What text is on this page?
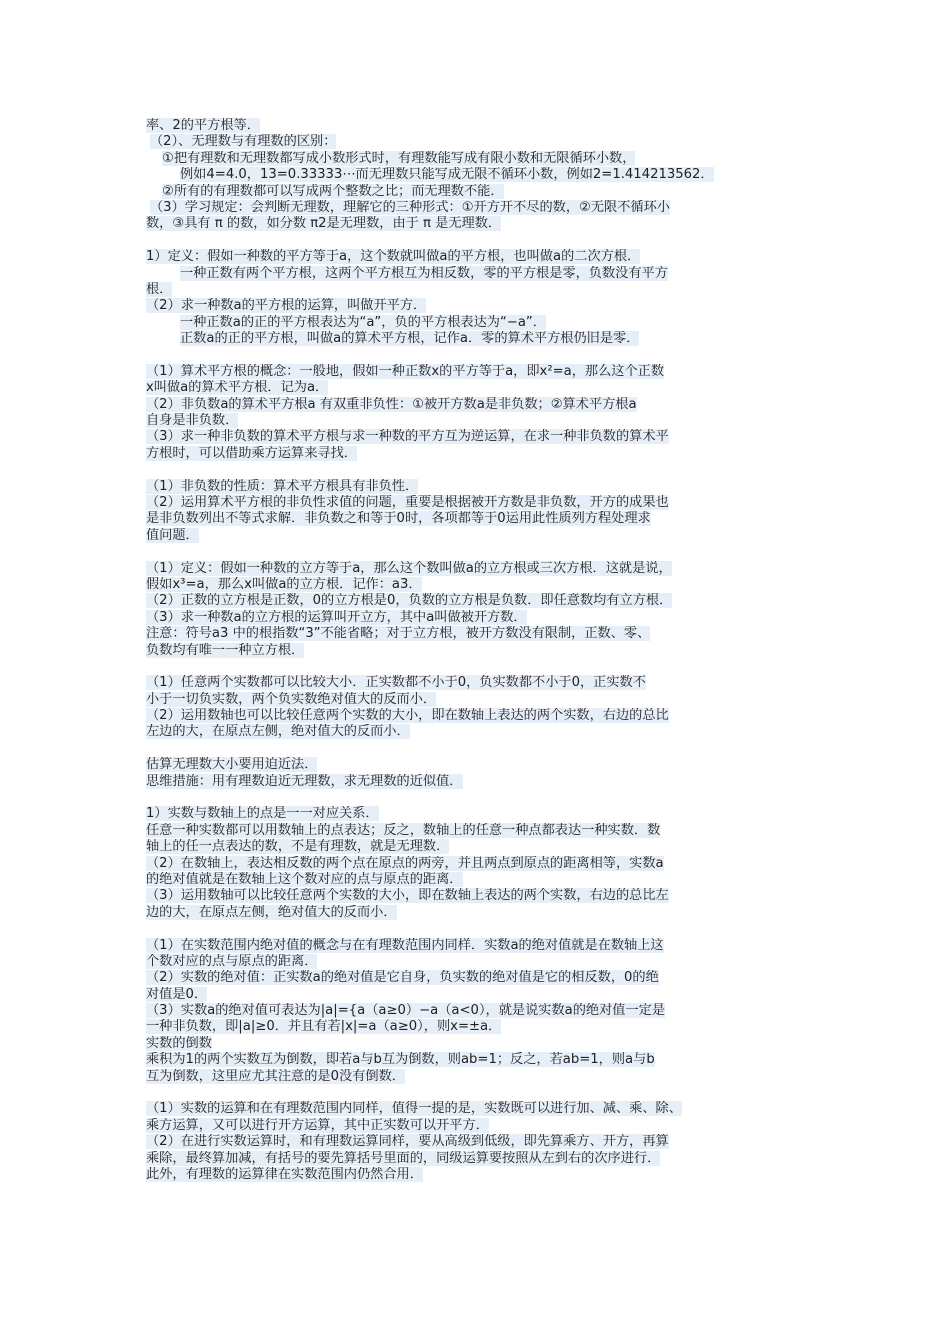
率、2的平方根等．
（2）、无理数与有理数的区别：
①把有理数和无理数都写成小数形式时，有理数能写成有限小数和无限循环小数，
例如4=4.0，13=0.33333⋯而无理数只能写成无限不循环小数，例如2=1.414213562．
②所有的有理数都可以写成两个整数之比；而无理数不能．
（3）学习规定：会判断无理数，理解它的三种形式：①开方开不尽的数，②无限不循环小
数，③具有 π 的数，如分数 π2是无理数，由于 π 是无理数．
1）定义：假如一种数的平方等于a，这个数就叫做a的平方根，也叫做a的二次方根．
一种正数有两个平方根，这两个平方根互为相反数，零的平方根是零，负数没有平方
根．
（2）求一种数a的平方根的运算，叫做开平方．
一种正数a的正的平方根表达为“a”，负的平方根表达为“−a”．
正数a的正的平方根，叫做a的算术平方根，记作a．零的算术平方根仍旧是零．
（1）算术平方根的概念：一般地，假如一种正数x的平方等于a，即x²=a，那么这个正数
x叫做a的算术平方根．记为a．
（2）非负数a的算术平方根a 有双重非负性：①被开方数a是非负数；②算术平方根a
自身是非负数．
（3）求一种非负数的算术平方根与求一种数的平方互为逆运算，在求一种非负数的算术平
方根时，可以借助乘方运算来寻找．
（1）非负数的性质：算术平方根具有非负性．
（2）运用算术平方根的非负性求值的问题，重要是根据被开方数是非负数，开方的成果也
是非负数列出不等式求解．非负数之和等于0时，各项都等于0运用此性质列方程处理求
值问题．
（1）定义：假如一种数的立方等于a，那么这个数叫做a的立方根或三次方根．这就是说，
假如x³=a，那么x叫做a的立方根．记作：a3．
（2）正数的立方根是正数，0的立方根是0，负数的立方根是负数．即任意数均有立方根．
（3）求一种数a的立方根的运算叫开立方，其中a叫做被开方数．
注意：符号a3 中的根指数“3”不能省略；对于立方根，被开方数没有限制，正数、零、
负数均有唯一一种立方根．
（1）任意两个实数都可以比较大小．正实数都不小于0，负实数都不小于0，正实数不
小于一切负实数，两个负实数绝对值大的反而小．
（2）运用数轴也可以比较任意两个实数的大小，即在数轴上表达的两个实数，右边的总比
左边的大，在原点左侧，绝对值大的反而小．
估算无理数大小要用迫近法．
思维措施：用有理数迫近无理数，求无理数的近似值．
1）实数与数轴上的点是一一对应关系．
任意一种实数都可以用数轴上的点表达；反之，数轴上的任意一种点都表达一种实数．数
轴上的任一点表达的数，不是有理数，就是无理数．
（2）在数轴上，表达相反数的两个点在原点的两旁，并且两点到原点的距离相等，实数a
的绝对值就是在数轴上这个数对应的点与原点的距离．
（3）运用数轴可以比较任意两个实数的大小，即在数轴上表达的两个实数，右边的总比左
边的大，在原点左侧，绝对值大的反而小．
（1）在实数范围内绝对值的概念与在有理数范围内同样．实数a的绝对值就是在数轴上这
个数对应的点与原点的距离．
（2）实数的绝对值：正实数a的绝对值是它自身，负实数的绝对值是它的相反数，0的绝
对值是0．
（3）实数a的绝对值可表达为|a|={a（a≥0）−a（a<0），就是说实数a的绝对值一定是
一种非负数，即|a|≥0．并且有若|x|=a（a≥0），则x=±a．
实数的倒数
乘积为1的两个实数互为倒数，即若a与b互为倒数，则ab=1；反之，若ab=1，则a与b
互为倒数，这里应尤其注意的是0没有倒数．
（1）实数的运算和在有理数范围内同样，值得一提的是，实数既可以进行加、减、乘、除、
乘方运算，又可以进行开方运算，其中正实数可以开平方．
（2）在进行实数运算时，和有理数运算同样，要从高级到低级，即先算乘方、开方，再算
乘除，最终算加减，有括号的要先算括号里面的，同级运算要按照从左到右的次序进行．
此外，有理数的运算律在实数范围内仍然合用．
